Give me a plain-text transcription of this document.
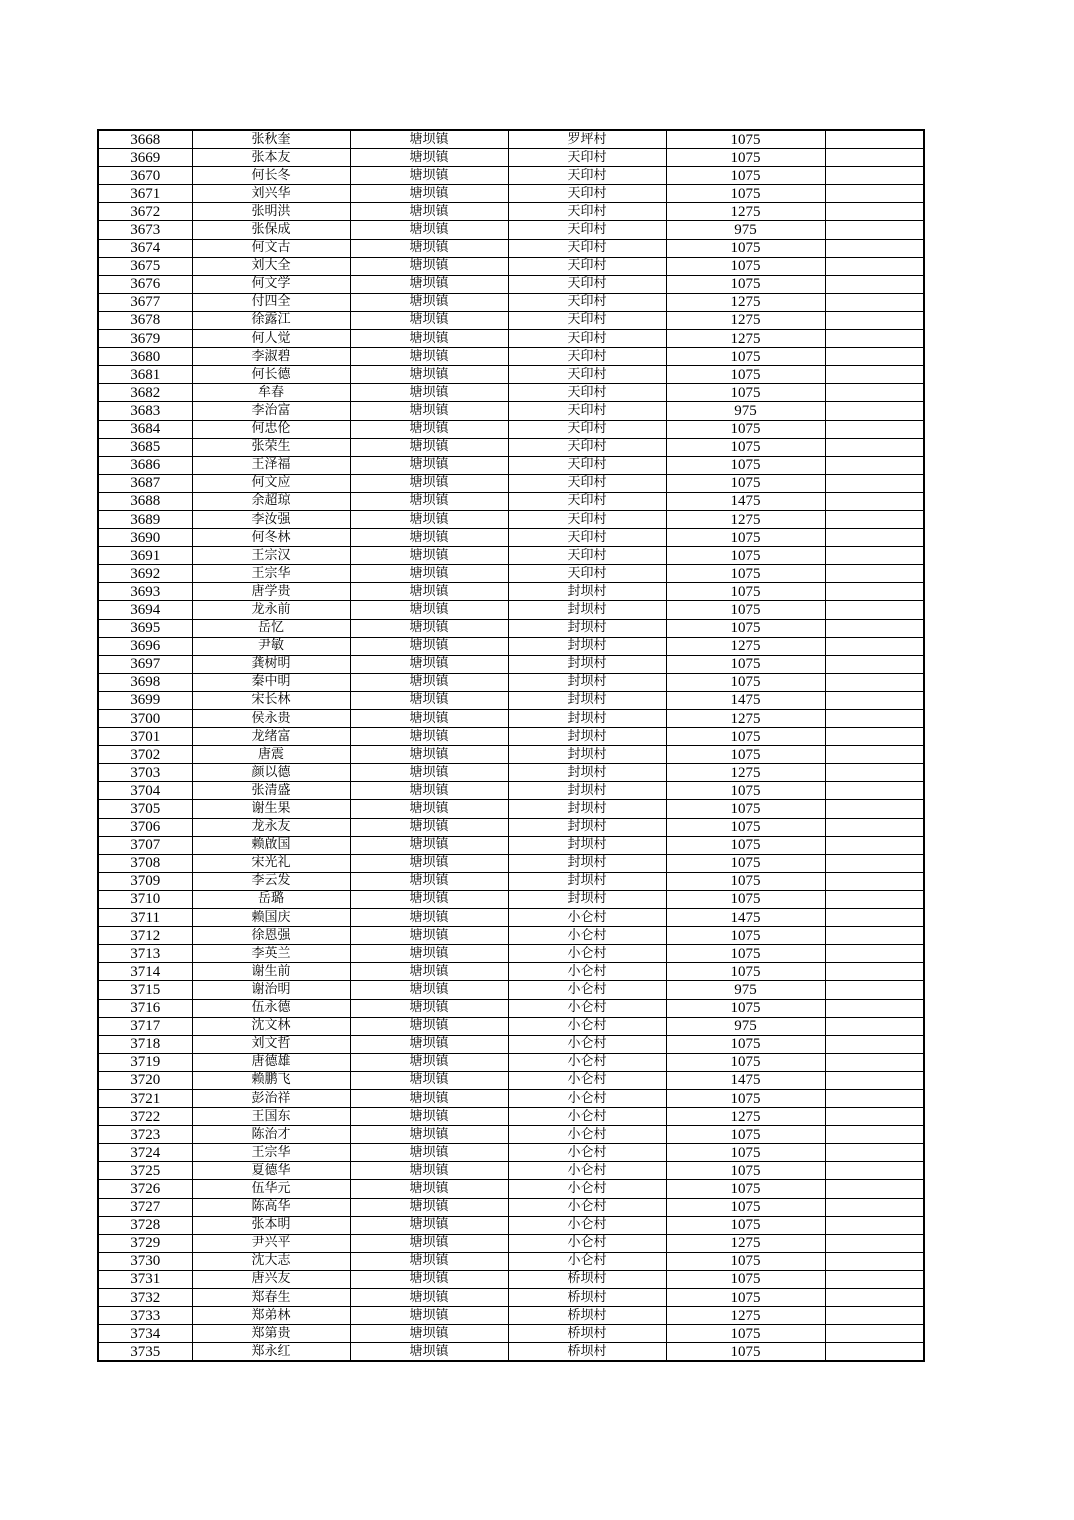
3668	张秋奎	塘坝镇	罗坪村	1075	
3669	张本友	塘坝镇	天印村	1075	
3670	何长冬	塘坝镇	天印村	1075	
3671	刘兴华	塘坝镇	天印村	1075	
3672	张明洪	塘坝镇	天印村	1275	
3673	张保成	塘坝镇	天印村	975	
3674	何文古	塘坝镇	天印村	1075	
3675	刘大全	塘坝镇	天印村	1075	
3676	何文学	塘坝镇	天印村	1075	
3677	付四全	塘坝镇	天印村	1275	
3678	徐露江	塘坝镇	天印村	1275	
3679	何人觉	塘坝镇	天印村	1275	
3680	李淑碧	塘坝镇	天印村	1075	
3681	何长德	塘坝镇	天印村	1075	
3682	牟春	塘坝镇	天印村	1075	
3683	李治富	塘坝镇	天印村	975	
3684	何忠伦	塘坝镇	天印村	1075	
3685	张荣生	塘坝镇	天印村	1075	
3686	王泽福	塘坝镇	天印村	1075	
3687	何文应	塘坝镇	天印村	1075	
3688	余超琼	塘坝镇	天印村	1475	
3689	李汝强	塘坝镇	天印村	1275	
3690	何冬林	塘坝镇	天印村	1075	
3691	王宗汉	塘坝镇	天印村	1075	
3692	王宗华	塘坝镇	天印村	1075	
3693	唐学贵	塘坝镇	封坝村	1075	
3694	龙永前	塘坝镇	封坝村	1075	
3695	岳忆	塘坝镇	封坝村	1075	
3696	尹敏	塘坝镇	封坝村	1275	
3697	龚树明	塘坝镇	封坝村	1075	
3698	秦中明	塘坝镇	封坝村	1075	
3699	宋长林	塘坝镇	封坝村	1475	
3700	侯永贵	塘坝镇	封坝村	1275	
3701	龙绪富	塘坝镇	封坝村	1075	
3702	唐震	塘坝镇	封坝村	1075	
3703	颜以德	塘坝镇	封坝村	1275	
3704	张清盛	塘坝镇	封坝村	1075	
3705	谢生果	塘坝镇	封坝村	1075	
3706	龙永友	塘坝镇	封坝村	1075	
3707	赖啟国	塘坝镇	封坝村	1075	
3708	宋光礼	塘坝镇	封坝村	1075	
3709	李云发	塘坝镇	封坝村	1075	
3710	岳璐	塘坝镇	封坝村	1075	
3711	赖国庆	塘坝镇	小仑村	1475	
3712	徐恩强	塘坝镇	小仑村	1075	
3713	李英兰	塘坝镇	小仑村	1075	
3714	谢生前	塘坝镇	小仑村	1075	
3715	谢治明	塘坝镇	小仑村	975	
3716	伍永德	塘坝镇	小仑村	1075	
3717	沈文林	塘坝镇	小仑村	975	
3718	刘文哲	塘坝镇	小仑村	1075	
3719	唐德雄	塘坝镇	小仑村	1075	
3720	赖鹏飞	塘坝镇	小仑村	1475	
3721	彭治祥	塘坝镇	小仑村	1075	
3722	王国东	塘坝镇	小仑村	1275	
3723	陈治才	塘坝镇	小仑村	1075	
3724	王宗华	塘坝镇	小仑村	1075	
3725	夏德华	塘坝镇	小仑村	1075	
3726	伍华元	塘坝镇	小仑村	1075	
3727	陈高华	塘坝镇	小仑村	1075	
3728	张本明	塘坝镇	小仑村	1075	
3729	尹兴平	塘坝镇	小仑村	1275	
3730	沈大志	塘坝镇	小仑村	1075	
3731	唐兴友	塘坝镇	桥坝村	1075	
3732	郑春生	塘坝镇	桥坝村	1075	
3733	郑弟林	塘坝镇	桥坝村	1275	
3734	郑第贵	塘坝镇	桥坝村	1075	
3735	郑永红	塘坝镇	桥坝村	1075	
